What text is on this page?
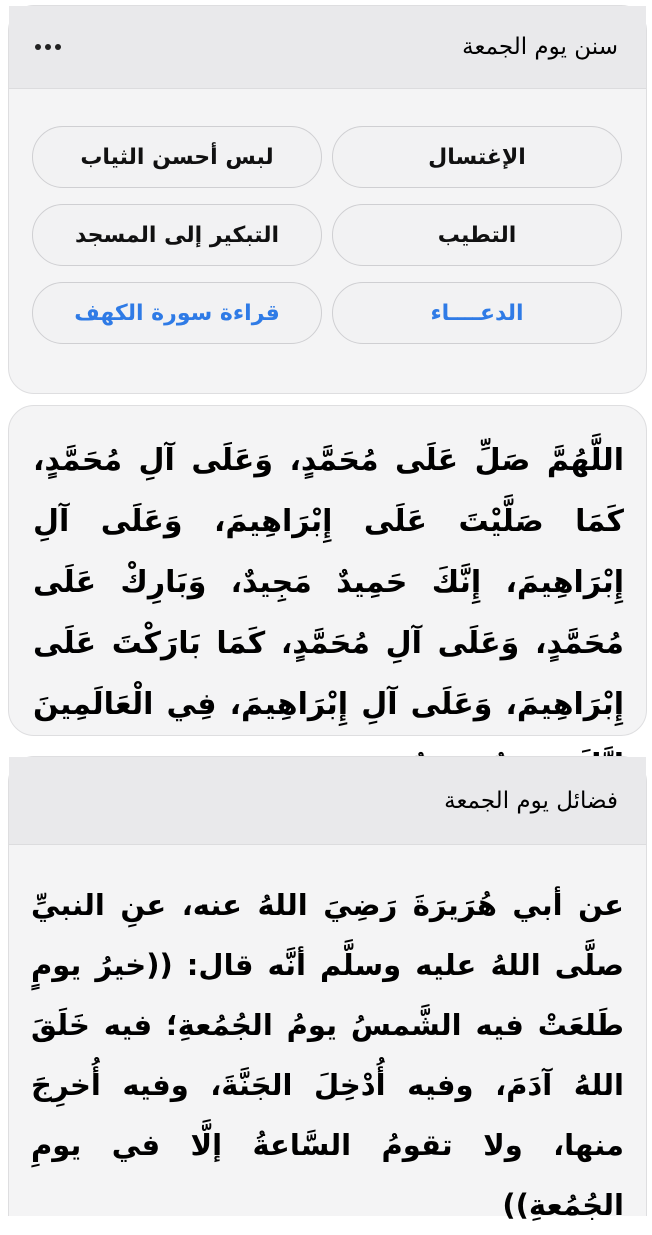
سنن يوم الجمعة
الإغتسال
لبس أحسن الثياب
التطيب
التبكير إلى المسجد
الدعــــاء
قراءة سورة الكهف
اللَّهُمَّ صَلِّ عَلَى مُحَمَّدٍ، وَعَلَى آلِ مُحَمَّدٍ، كَمَا صَلَّيْتَ عَلَى إِبْرَاهِيمَ، وَعَلَى آلِ إِبْرَاهِيمَ، إِنَّكَ حَمِيدٌ مَجِيدٌ، وَبَارِكْ عَلَى مُحَمَّدٍ، وَعَلَى آلِ مُحَمَّدٍ، كَمَا بَارَكْتَ عَلَى إِبْرَاهِيمَ، وَعَلَى آلِ إِبْرَاهِيمَ، فِي الْعَالَمِينَ
فضائل يوم الجمعة
عن أبي هُرَيرَةَ رَضِيَ اللهُ عنه، عنِ النبيِّ صلَّى اللهُ عليه وسلَّم أنَّه قال: ((خيرُ يومٍ طَلعَتْ فيه الشَّمسُ يومُ الجُمُعةِ؛ فيه خَلَقَ اللهُ آدَمَ، وفيه أُدْخِلَ الجَنَّةَ، وفيه أُخرِجَ منها، ولا تقومُ السَّاعةُ إلَّا في يومِ الجُمُعةِ))
